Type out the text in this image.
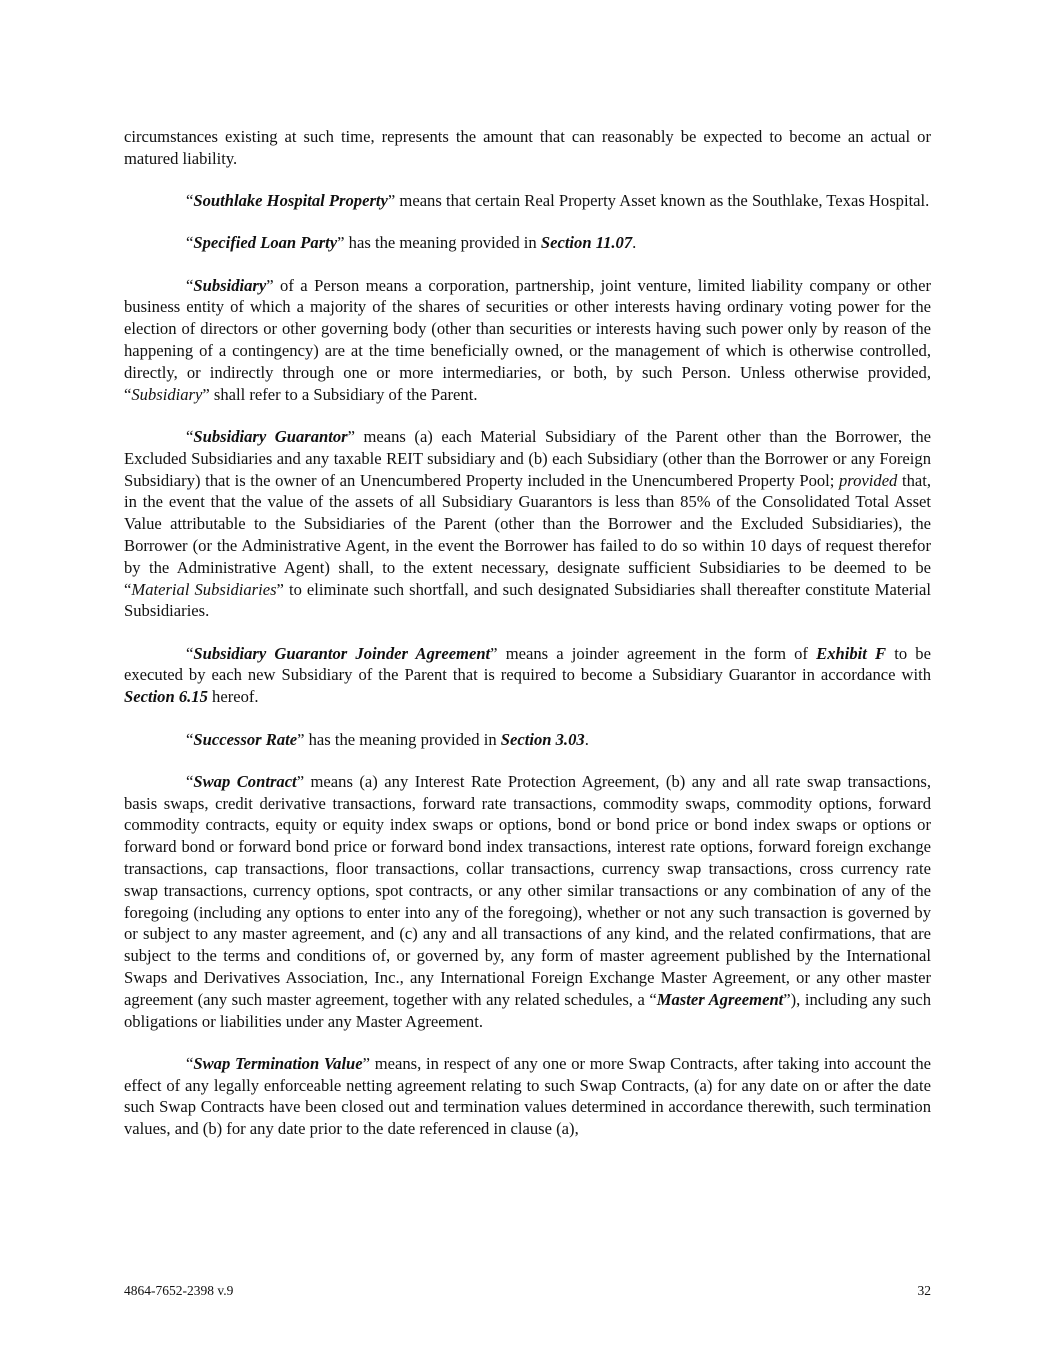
circumstances existing at such time, represents the amount that can reasonably be expected to become an actual or matured liability.

“Southlake Hospital Property” means that certain Real Property Asset known as the Southlake, Texas Hospital.

“Specified Loan Party” has the meaning provided in Section 11.07.

“Subsidiary” of a Person means a corporation, partnership, joint venture, limited liability company or other business entity of which a majority of the shares of securities or other interests having ordinary voting power for the election of directors or other governing body (other than securities or interests having such power only by reason of the happening of a contingency) are at the time beneficially owned, or the management of which is otherwise controlled, directly, or indirectly through one or more intermediaries, or both, by such Person. Unless otherwise provided, “Subsidiary” shall refer to a Subsidiary of the Parent.

“Subsidiary Guarantor” means (a) each Material Subsidiary of the Parent other than the Borrower, the Excluded Subsidiaries and any taxable REIT subsidiary and (b) each Subsidiary (other than the Borrower or any Foreign Subsidiary) that is the owner of an Unencumbered Property included in the Unencumbered Property Pool; provided that, in the event that the value of the assets of all Subsidiary Guarantors is less than 85% of the Consolidated Total Asset Value attributable to the Subsidiaries of the Parent (other than the Borrower and the Excluded Subsidiaries), the Borrower (or the Administrative Agent, in the event the Borrower has failed to do so within 10 days of request therefor by the Administrative Agent) shall, to the extent necessary, designate sufficient Subsidiaries to be deemed to be “Material Subsidiaries” to eliminate such shortfall, and such designated Subsidiaries shall thereafter constitute Material Subsidiaries.

“Subsidiary Guarantor Joinder Agreement” means a joinder agreement in the form of Exhibit F to be executed by each new Subsidiary of the Parent that is required to become a Subsidiary Guarantor in accordance with Section 6.15 hereof.

“Successor Rate” has the meaning provided in Section 3.03.

“Swap Contract” means (a) any Interest Rate Protection Agreement, (b) any and all rate swap transactions, basis swaps, credit derivative transactions, forward rate transactions, commodity swaps, commodity options, forward commodity contracts, equity or equity index swaps or options, bond or bond price or bond index swaps or options or forward bond or forward bond price or forward bond index transactions, interest rate options, forward foreign exchange transactions, cap transactions, floor transactions, collar transactions, currency swap transactions, cross currency rate swap transactions, currency options, spot contracts, or any other similar transactions or any combination of any of the foregoing (including any options to enter into any of the foregoing), whether or not any such transaction is governed by or subject to any master agreement, and (c) any and all transactions of any kind, and the related confirmations, that are subject to the terms and conditions of, or governed by, any form of master agreement published by the International Swaps and Derivatives Association, Inc., any International Foreign Exchange Master Agreement, or any other master agreement (any such master agreement, together with any related schedules, a “Master Agreement”), including any such obligations or liabilities under any Master Agreement.

“Swap Termination Value” means, in respect of any one or more Swap Contracts, after taking into account the effect of any legally enforceable netting agreement relating to such Swap Contracts, (a) for any date on or after the date such Swap Contracts have been closed out and termination values determined in accordance therewith, such termination values, and (b) for any date prior to the date referenced in clause (a),

4864-7652-2398 v.9	32
